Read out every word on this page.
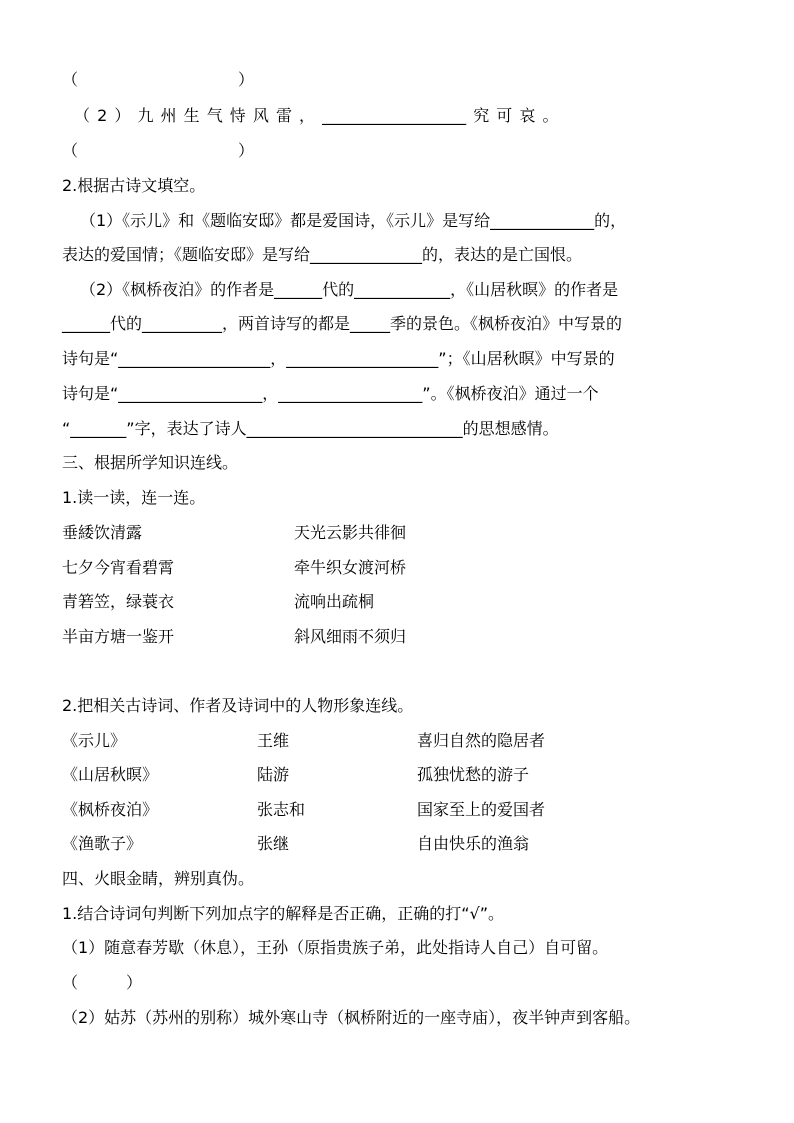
（　　　　　　　　　　）
（ 2 ） 九 州 生 气 恃 风 雷 ， __________________ 究 可 哀 。
（　　　　　　　　　　）
2.根据古诗文填空。
（1）《示儿》和《题临安邸》都是爱国诗，《示儿》是写给_____________的，
表达的爱国情；《题临安邸》是写给______________的，表达的是亡国恨。
（2）《枫桥夜泊》的作者是______代的____________，《山居秋暝》的作者是
______代的__________，两首诗写的都是_____季的景色。《枫桥夜泊》中写景的
诗句是“___________________，___________________”；《山居秋暝》中写景的
诗句是“__________________，__________________”。《枫桥夜泊》通过一个
“_______”字，表达了诗人___________________________的思想感情。
三、根据所学知识连线。
1.读一读，连一连。
垂緌饮清露	天光云影共徘徊
七夕今宵看碧霄	牵牛织女渡河桥
青箬笠，绿蓑衣	流响出疏桐
半亩方塘一鉴开	斜风细雨不须归
2.把相关古诗词、作者及诗词中的人物形象连线。
《示儿》	王维	喜归自然的隐居者
《山居秋暝》	陆游	孤独忧愁的游子
《枫桥夜泊》	张志和	国家至上的爱国者
《渔歌子》	张继	自由快乐的渔翁
四、火眼金睛，辨别真伪。
1.结合诗词句判断下列加点字的解释是否正确，正确的打“√”。
（1）随意春芳歇（休息），王孙（原指贵族子弟，此处指诗人自己）自可留。
（　　　）
（2）姑苏（苏州的别称）城外寒山寺（枫桥附近的一座寺庙），夜半钟声到客船。
